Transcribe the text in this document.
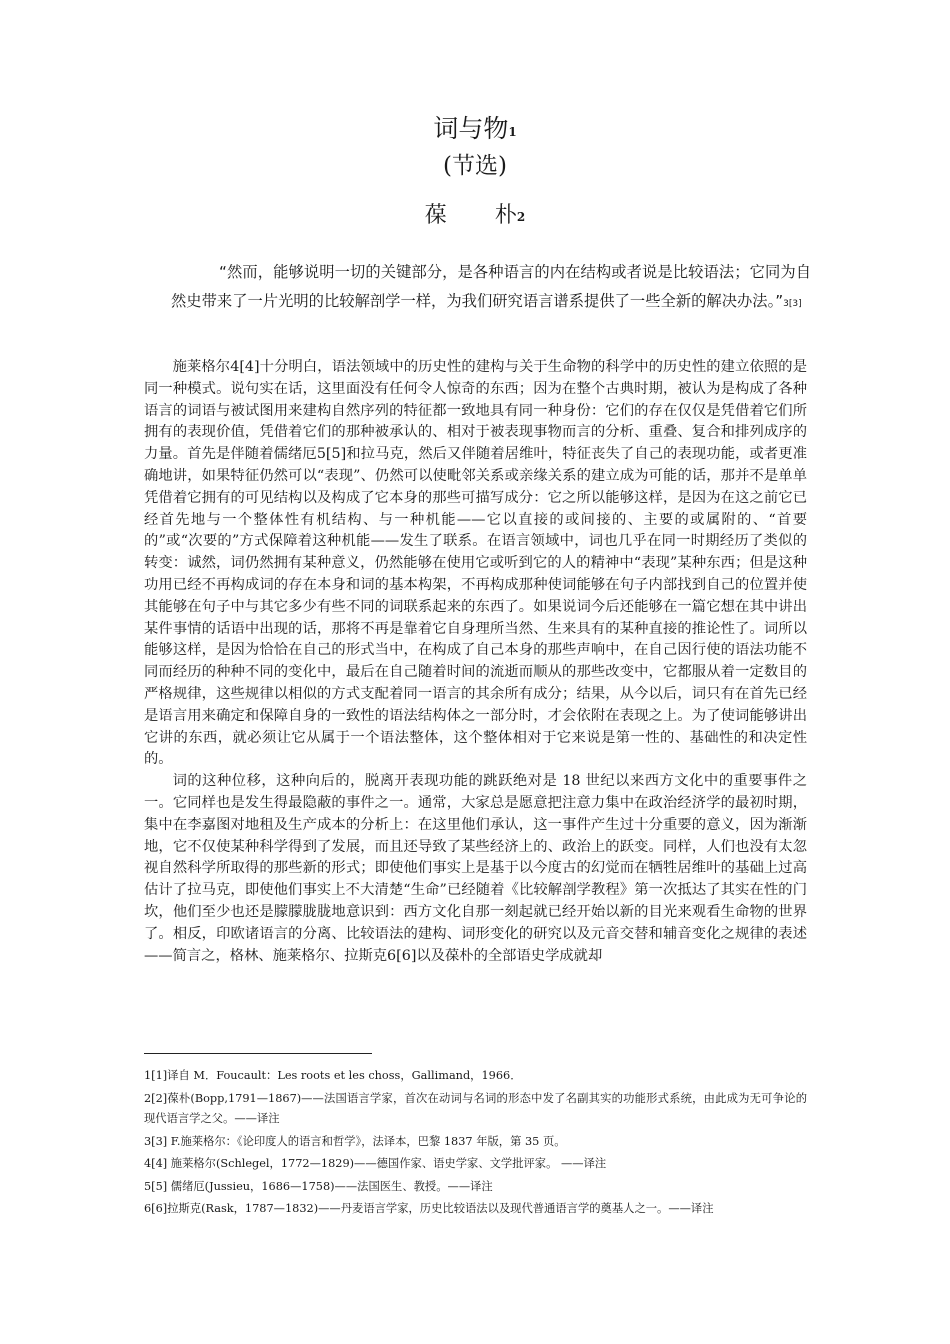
词与物1
(节选)
葆 朴2
“然而，能够说明一切的关键部分，是各种语言的内在结构或者说是比较语法；它同为自然史带来了一片光明的比较解剖学一样，为我们研究语言谱系提供了一些全新的解决办法。”3[3]

施莱格尔4[4]十分明白，语法领域中的历史性的建构与关于生命物的科学中的历史性的建立依照的是同一种模式。说句实在话，这里面没有任何令人惊奇的东西；因为在整个古典时期，被认为是构成了各种语言的词语与被试图用来建构自然序列的特征都一致地具有同一种身份：它们的存在仅仅是凭借着它们所拥有的表现价值，凭借着它们的那种被承认的、相对于被表现事物而言的分析、重叠、复合和排列成序的力量。首先是伴随着儒绪厄5[5]和拉马克，然后又伴随着居维叶，特征丧失了自己的表现功能，或者更准确地讲，如果特征仍然可以“表现”、仍然可以使毗邻关系或亲缘关系的建立成为可能的话，那并不是单单凭借着它拥有的可见结构以及构成了它本身的那些可描写成分：它之所以能够这样，是因为在这之前它已经首先地与一个整体性有机结构、与一种机能——它以直接的或间接的、主要的或属附的、“首要的”或“次要的”方式保障着这种机能——发生了联系。在语言领域中，词也几乎在同一时期经历了类似的转变：诚然，词仍然拥有某种意义，仍然能够在使用它或听到它的人的精神中“表现”某种东西；但是这种功用已经不再构成词的存在本身和词的基本构架，不再构成那种使词能够在句子内部找到自己的位置并使其能够在句子中与其它多少有些不同的词联系起来的东西了。如果说词今后还能够在一篇它想在其中讲出某件事情的话语中出现的话，那将不再是靠着它自身理所当然、生来具有的某种直接的推论性了。词所以能够这样，是因为恰恰在自己的形式当中，在构成了自己本身的那些声响中，在自己因行使的语法功能不同而经历的种种不同的变化中，最后在自己随着时间的流逝而顺从的那些改变中，它都服从着一定数目的严格规律，这些规律以相似的方式支配着同一语言的其余所有成分；结果，从今以后，词只有在首先已经是语言用来确定和保障自身的一致性的语法结构体之一部分时，才会依附在表现之上。为了使词能够讲出它讲的东西，就必须让它从属于一个语法整体，这个整体相对于它来说是第一性的、基础性的和决定性的。

词的这种位移，这种向后的，脱离开表现功能的跳跃绝对是 18 世纪以来西方文化中的重要事件之一。它同样也是发生得最隐蔽的事件之一。通常，大家总是愿意把注意力集中在政治经济学的最初时期，集中在李嘉图对地租及生产成本的分析上：在这里他们承认，这一事件产生过十分重要的意义，因为渐渐地，它不仅使某种科学得到了发展，而且还导致了某些经济上的、政治上的跃变。同样，人们也没有太忽视自然科学所取得的那些新的形式；即使他们事实上是基于以今度古的幻觉而在牺牲居维叶的基础上过高估计了拉马克，即使他们事实上不大清楚“生命”已经随着《比较解剖学教程》第一次抵达了其实在性的门坎，他们至少也还是朦朦胧胧地意识到：西方文化自那一刻起就已经开始以新的目光来观看生命物的世界了。相反，印欧诸语言的分离、比较语法的建构、词形变化的研究以及元音交替和辅音变化之规律的表述——简言之，格林、施莱格尔、拉斯克6[6]以及葆朴的全部语史学成就却

1[1]译自 M．Foucault：Les roots et les choss，Gallimand，1966．
2[2]葆朴(Bopp,1791—1867)——法国语言学家，首次在动词与名词的形态中发了名副其实的功能形式系统，由此成为无可争论的现代语言学之父。——译注
3[3] F.施莱格尔：《论印度人的语言和哲学》，法译本，巴黎 1837 年版，第 35 页。
4[4] 施莱格尔(Schlegel，1772—1829)——德国作家、语史学家、文学批评家。 ——译注
5[5] 儒绪厄(Jussieu，1686—1758)——法国医生、教授。——译注
6[6]拉斯克(Rask，1787—1832)——丹麦语言学家，历史比较语法以及现代普通语言学的奠基人之一。——译注
